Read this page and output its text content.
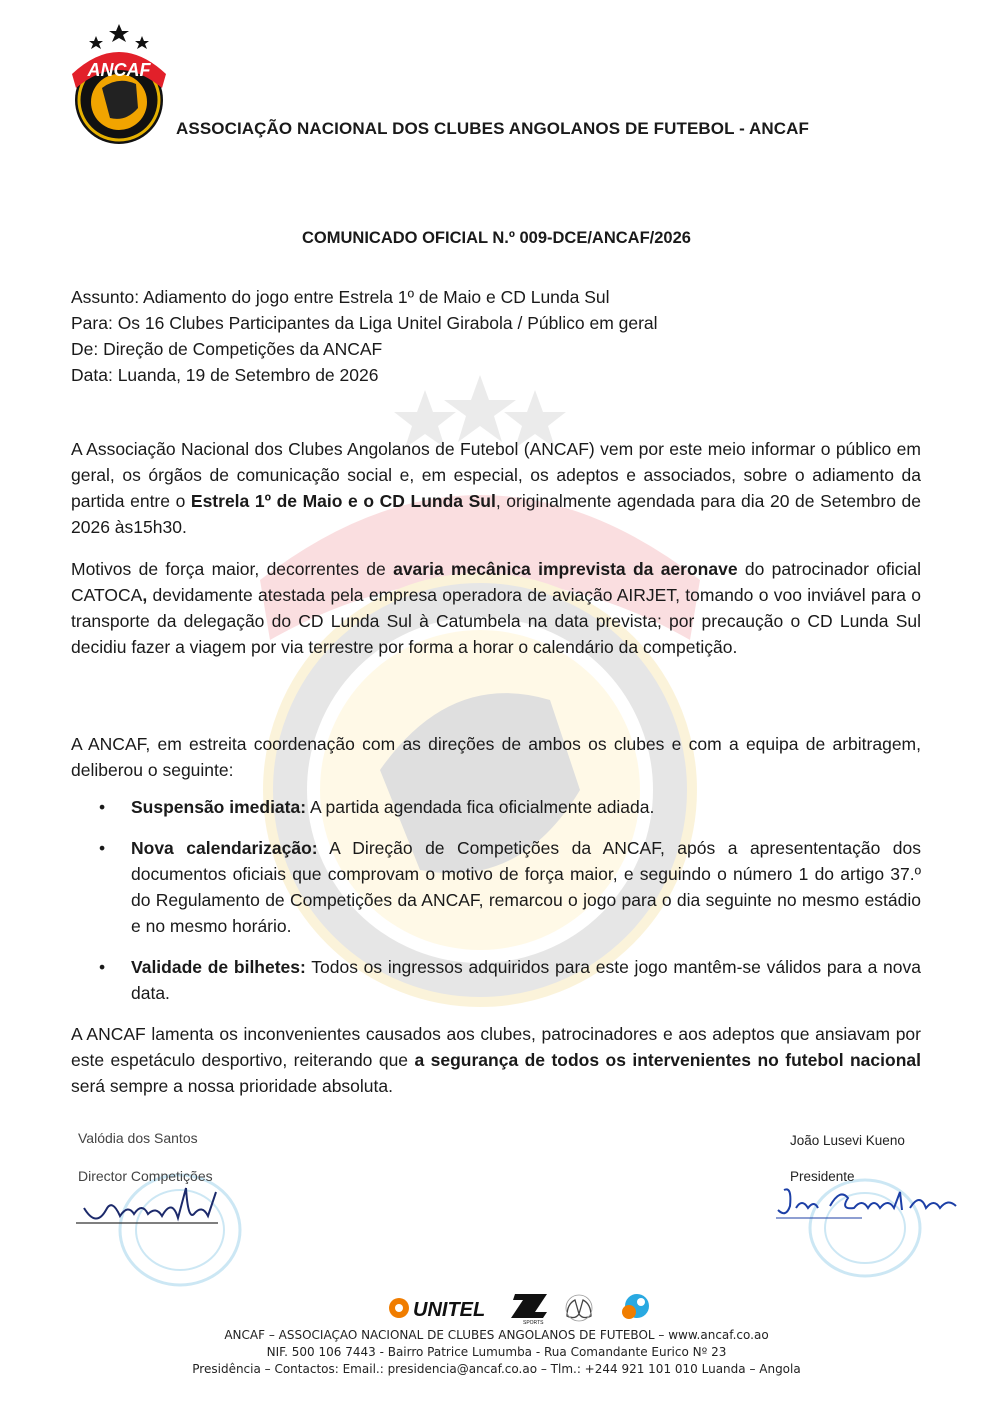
ANCAF
ASSOCIAÇÃO NACIONAL DOS CLUBES ANGOLANOS DE FUTEBOL - ANCAF
COMUNICADO OFICIAL N.º 009-DCE/ANCAF/2026
Assunto: Adiamento do jogo entre Estrela 1º de Maio e CD Lunda Sul
Para: Os 16 Clubes Participantes da Liga Unitel Girabola / Público em geral
De: Direção de Competições da ANCAF
Data: Luanda, 19 de Setembro de 2026

A Associação Nacional dos Clubes Angolanos de Futebol (ANCAF) vem por este meio informar o público em geral, os órgãos de comunicação social e, em especial, os adeptos e associados, sobre o adiamento da partida entre o Estrela 1º de Maio e o CD Lunda Sul, originalmente agendada para dia 20 de Setembro de 2026 às15h30.

Motivos de força maior, decorrentes de avaria mecânica imprevista da aeronave do patrocinador oficial CATOCA, devidamente atestada pela empresa operadora de aviação AIRJET, tomando o voo inviável para o transporte da delegação do CD Lunda Sul à Catumbela na data prevista; por precaução o CD Lunda Sul decidiu fazer a viagem por via terrestre por forma a horar o calendário da competição.

A ANCAF, em estreita coordenação com as direções de ambos os clubes e com a equipa de arbitragem, deliberou o seguinte:

• Suspensão imediata: A partida agendada fica oficialmente adiada.
• Nova calendarização: A Direção de Competições da ANCAF, após a apresententação dos documentos oficiais que comprovam o motivo de força maior, e seguindo o número 1 do artigo 37.º do Regulamento de Competições da ANCAF, remarcou o jogo para o dia seguinte no mesmo estádio e no mesmo horário.
• Validade de bilhetes: Todos os ingressos adquiridos para este jogo mantêm-se válidos para a nova data.

A ANCAF lamenta os inconvenientes causados aos clubes, patrocinadores e aos adeptos que ansiavam por este espetáculo desportivo, reiterando que a segurança de todos os intervenientes no futebol nacional será sempre a nossa prioridade absoluta.

Valódia dos Santos
Director Competições
João Lusevi Kueno
Presidente
UNITEL
SPORTS
ANCAF – ASSOCIAÇAO NACIONAL DE CLUBES ANGOLANOS DE FUTEBOL – www.ancaf.co.ao
NIF. 500 106 7443 - Bairro Patrice Lumumba - Rua Comandante Eurico Nº 23
Presidência – Contactos: Email.: presidencia@ancaf.co.ao – Tlm.: +244 921 101 010 Luanda – Angola
